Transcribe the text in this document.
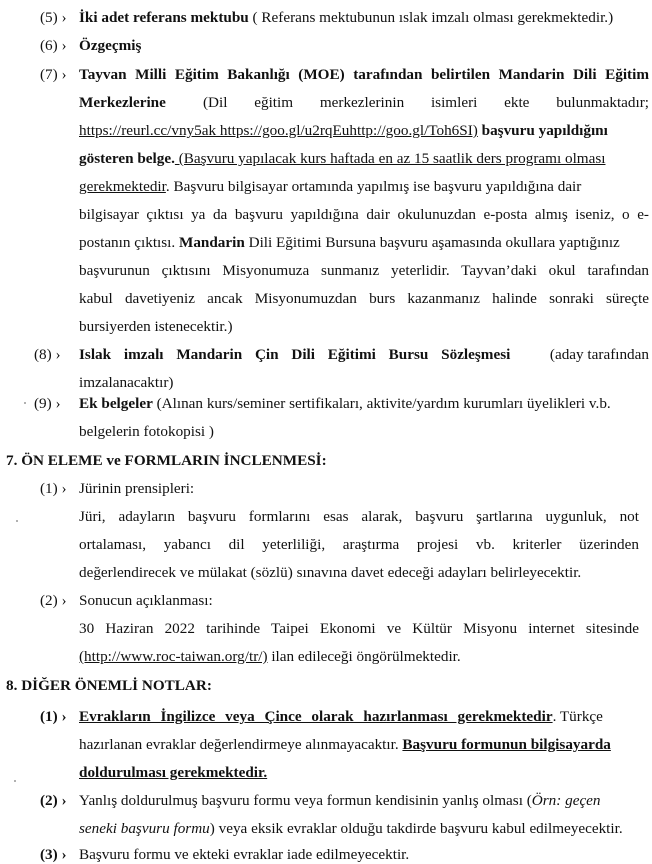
(5) › İki adet referans mektubu ( Referans mektubunun ıslak imzalı olması gerekmektedir.)
(6) › Özgeçmiş
(7) › Tayvan Milli Eğitim Bakanlığı (MOE) tarafından belirtilen Mandarin Dili Eğitim
Merkezlerine (Dil eğitim merkezlerinin isimleri ekte bulunmaktadır;
https://reurl.cc/vny5ak https://goo.gl/u2rqEuhttp://goo.gl/Toh6SI) başvuru yapıldığını
gösteren belge. (Başvuru yapılacak kurs haftada en az 15 saatlik ders programı olması
gerekmektedir. Başvuru bilgisayar ortamında yapılmış ise başvuru yapıldığına dair
bilgisayar çıktısı ya da başvuru yapıldığına dair okulunuzdan e-posta almış iseniz, o e-
postanın çıktısı. Mandarin Dili Eğitimi Bursuna başvuru aşamasında okullara yaptığınız
başvurunun çıktısını Misyonumuza sunmanız yeterlidir. Tayvan’daki okul tarafından
kabul davetiyeniz ancak Misyonumuzdan burs kazanmanız halinde sonraki süreçte
bursiyerden istenecektir.)
(8) › Islak imzalı Mandarin Çin Dili Eğitimi Bursu Sözleşmesi	(aday tarafından
imzalanacaktır)
(9) › Ek belgeler (Alınan kurs/seminer sertifikaları, aktivite/yardım kurumları üyelikleri v.b.
belgelerin fotokopisi )
7. ÖN ELEME ve FORMLARIN İNCLENMESİ:
(1) › Jürinin prensipleri:
Jüri, adayların başvuru formlarını esas alarak, başvuru şartlarına uygunluk, not
ortalaması, yabancı dil yeterliliği, araştırma projesi vb. kriterler üzerinden
değerlendirecek ve mülakat (sözlü) sınavına davet edeceği adayları belirleyecektir.
(2) › Sonucun açıklanması:
30 Haziran 2022 tarihinde Taipei Ekonomi ve Kültür Misyonu internet sitesinde
(http://www.roc-taiwan.org/tr/) ilan edileceği öngörülmektedir.
8. DİĞER ÖNEMLİ NOTLAR:
(1) › Evrakların İngilizce veya Çince olarak hazırlanması gerekmektedir. Türkçe
hazırlanan evraklar değerlendirmeye alınmayacaktır. Başvuru formunun bilgisayarda
doldurulması gerekmektedir.
(2) › Yanlış doldurulmuş başvuru formu veya formun kendisinin yanlış olması (Örn: geçen
seneki başvuru formu) veya eksik evraklar olduğu takdirde başvuru kabul edilmeyecektir.
(3) › Başvuru formu ve ekteki evraklar iade edilmeyecektir.
